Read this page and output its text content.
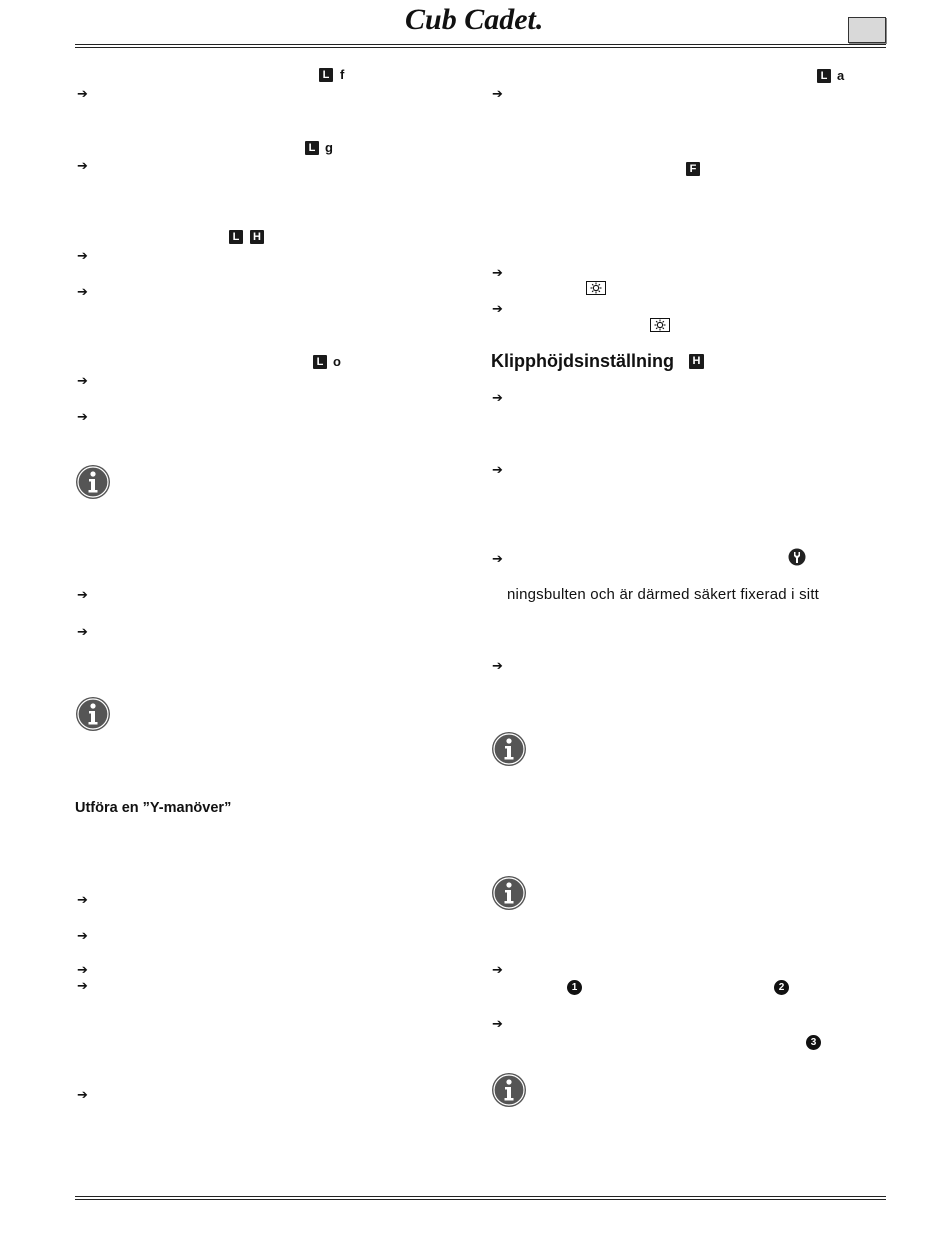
Cub Cadet.
L f
➔
L g
➔
L	H
➔
➔
L o
➔
➔
➔
➔
Utföra en ”Y-manöver”
➔
➔
➔
➔
➔
L a
➔
F
➔
➔
Klipphöjdsinställning	H
➔
➔
➔
ningsbulten och är därmed säkert fixerad i sitt
➔
➔
1	2
➔
3
